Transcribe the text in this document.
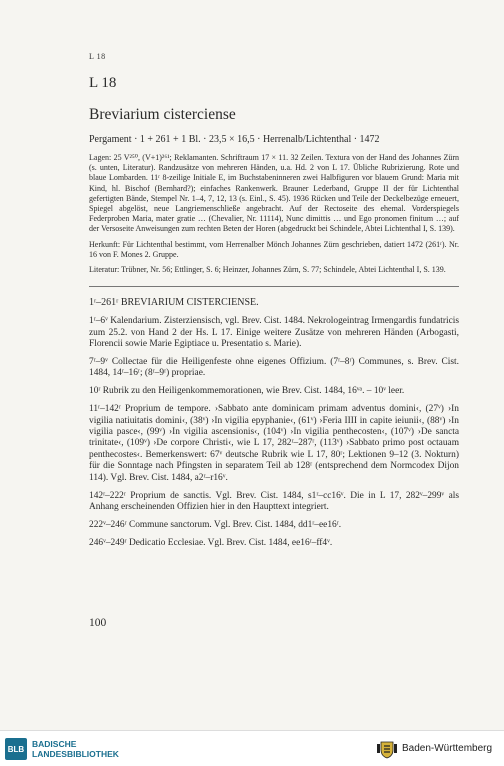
L 18
L 18
Breviarium cisterciense
Pergament · 1 + 261 + 1 Bl. · 23,5 × 16,5 · Herrenalb/Lichtenthal · 1472

Lagen: 25 V²⁵⁰, (V+1)²⁶¹; Reklamanten. Schriftraum 17 × 11. 32 Zeilen. Textura von der Hand des Johannes Zürn (s. unten, Literatur). Randzusätze von mehreren Händen, u.a. Hd. 2 von L 17. Übliche Rubrizierung. Rote und blaue Lombarden. 11ʳ 8-zeilige Initiale E, im Buchstabeninneren zwei Halbfiguren vor blauem Grund: Maria mit Kind, hl. Bischof (Bernhard?); einfaches Rankenwerk. Brauner Lederband, Gruppe II der für Lichtenthal gefertigten Bände, Stempel Nr. 1–4, 7, 12, 13 (s. Einl., S. 45). 1936 Rücken und Teile der Deckelbezüge erneuert, Spiegel abgelöst, neue Langriemenschließe angebracht. Auf der Rectoseite des ehemal. Vorderspiegels Federproben Maria, mater gratie … (Chevalier, Nr. 11114), Nunc dimittis … und Ego pronomen finitum …; auf der Versoseite Anweisungen zum rechten Beten der Horen (abgedruckt bei Schindele, Abtei Lichtenthal I, S. 139).

Herkunft: Für Lichtenthal bestimmt, vom Herrenalber Mönch Johannes Zürn geschrieben, datiert 1472 (261ʳ). Nr. 16 von F. Mones 2. Gruppe.

Literatur: Trübner, Nr. 56; Ettlinger, S. 6; Heinzer, Johannes Zürn, S. 77; Schindele, Abtei Lichtenthal I, S. 139.

1ʳ–261ʳ BREVIARIUM CISTERCIENSE.

1ʳ–6ᵛ Kalendarium. Zisterziensisch, vgl. Brev. Cist. 1484. Nekrologeintrag Irmengardis fundatricis zum 25.2. von Hand 2 der Hs. L 17. Einige weitere Zusätze von mehreren Händen (Arbogasti, Florencii sowie Marie Egiptiace u. Presentatio s. Marie).

7ʳ–9ᵛ Collectae für die Heiligenfeste ohne eigenes Offizium. (7ʳ–8ʳ) Communes, s. Brev. Cist. 1484, 14ʳ–16ʳ; (8ʳ–9ʳ) propriae.

10ʳ Rubrik zu den Heiligenkommemorationen, wie Brev. Cist. 1484, 16ᵛᵃ. – 10ᵛ leer.

11ʳ–142ʳ Proprium de tempore. ›Sabbato ante dominicam primam adventus domini‹, (27ᵛ) ›In vigilia natiuitatis domini‹, (38ᵛ) ›In vigilia epyphanie‹, (61ᵛ) ›Feria IIII in capite ieiunii‹, (88ᵛ) ›In vigilia pasce‹, (99ᵛ) ›In vigilia ascensionis‹, (104ᵛ) ›In vigilia penthecosten‹, (107ᵛ) ›De sancta trinitate‹, (109ᵛ) ›De corpore Christi‹, wie L 17, 282ʳ–287ʳ, (113ᵛ) ›Sabbato primo post octauam penthecostes‹. Bemerkenswert: 67ᵛ deutsche Rubrik wie L 17, 80ʳ; Lektionen 9–12 (3. Nokturn) für die Sonntage nach Pfingsten in separatem Teil ab 128ʳ (entsprechend dem Normcodex Dijon 114). Vgl. Brev. Cist. 1484, a2ʳ–r16ᵛ.

142ʳ–222ʳ Proprium de sanctis. Vgl. Brev. Cist. 1484, s1ʳ–cc16ᵛ. Die in L 17, 282ᵛ–299ᵛ als Anhang erscheinenden Offizien hier in den Haupttext integriert.

222ᵛ–246ʳ Commune sanctorum. Vgl. Brev. Cist. 1484, dd1ʳ–ee16ʳ.

246ᵛ–249ʳ Dedicatio Ecclesiae. Vgl. Brev. Cist. 1484, ee16ʳ–ff4ᵛ.

100
BLB BADISCHE
LANDESBIBLIOTHEK	Baden-Württemberg
